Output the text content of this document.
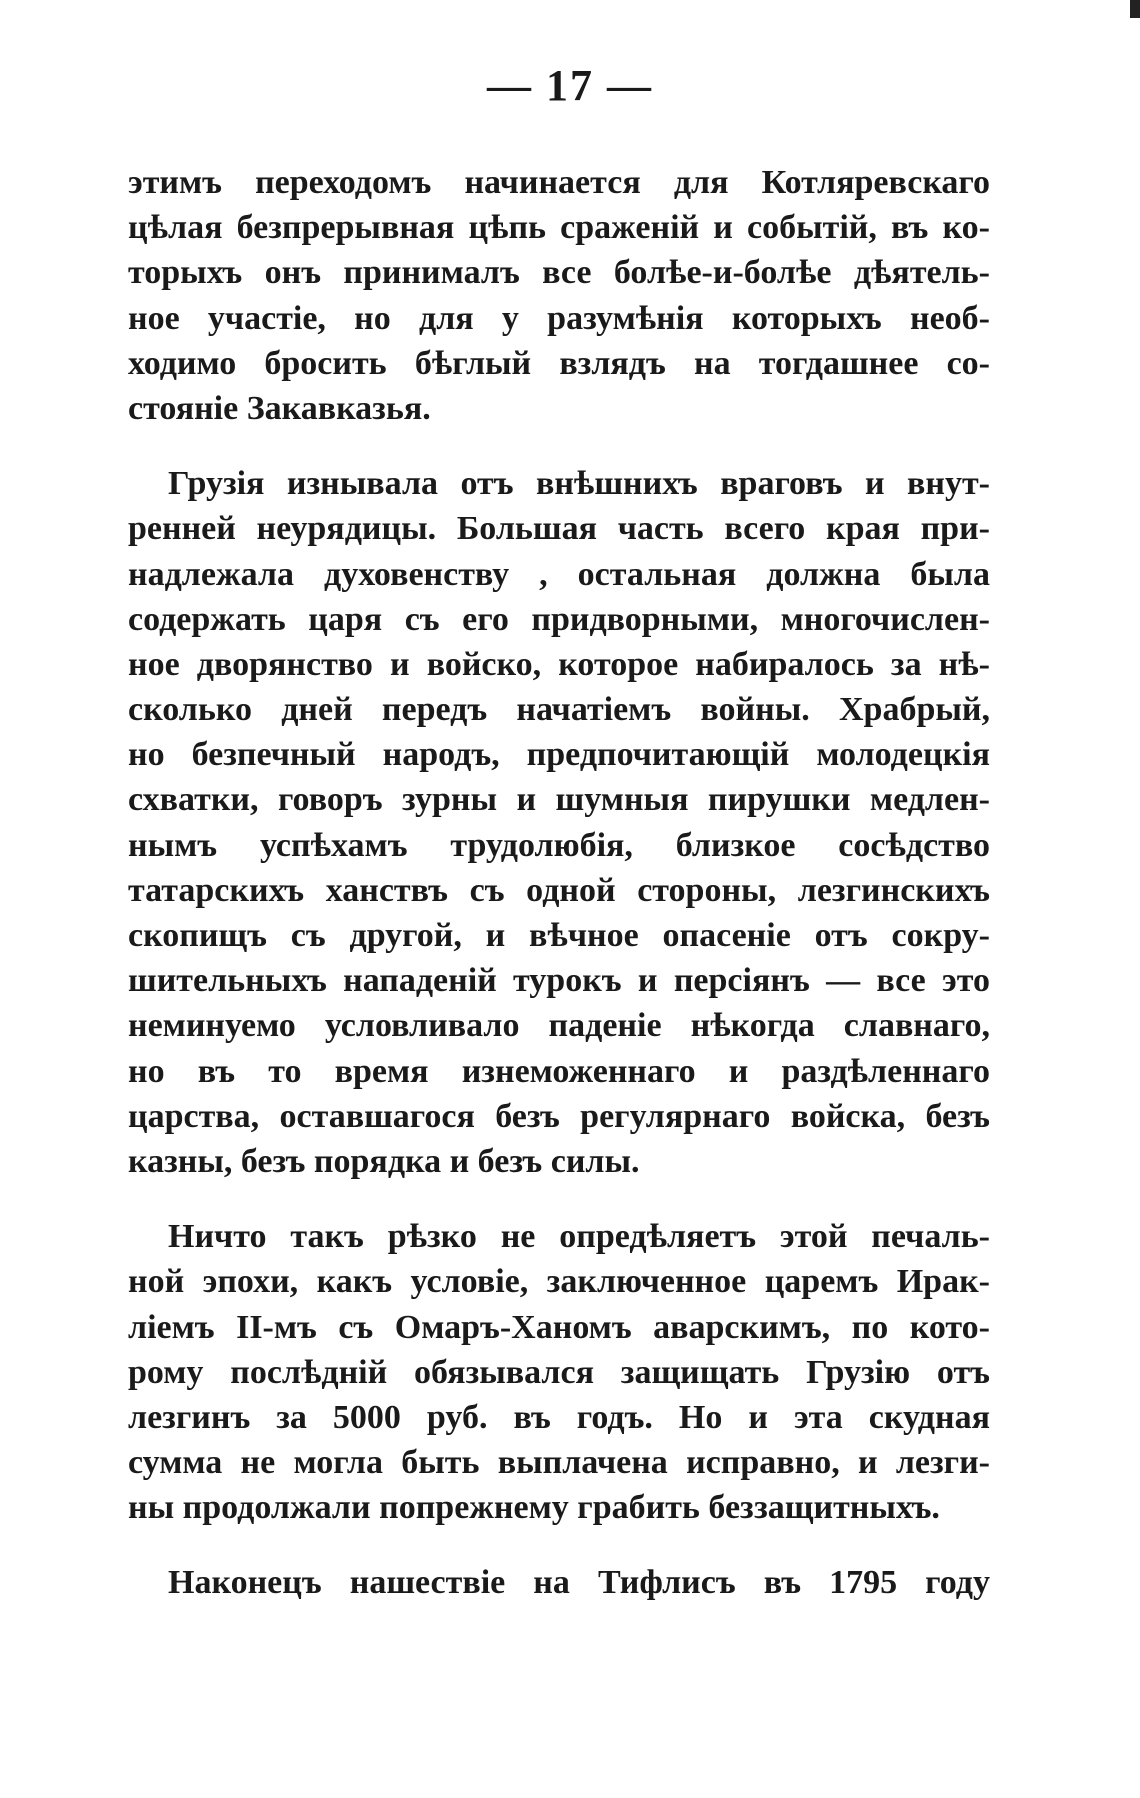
— 17 —
этимъ переходомъ начинается для Котляревскаго
цѣлая безпрерывная цѣпь сраженій и событій, въ ко-
торыхъ онъ принималъ все болѣе-и-болѣе дѣятель-
ное участіе, но для у разумѣнія которыхъ необ-
ходимо бросить бѣглый взлядъ на тогдашнее со-
стояніе Закавказья.
Грузія изнывала отъ внѣшнихъ враговъ и внут-
ренней неурядицы. Большая часть всего края при-
надлежала духовенству , остальная должна была
содержать царя съ его придворными, многочислен-
ное дворянство и войско, которое набиралось за нѣ-
сколько дней передъ начатіемъ войны. Храбрый,
но безпечный народъ, предпочитающій молодецкія
схватки, говоръ зурны и шумныя пирушки медлен-
нымъ успѣхамъ трудолюбія, близкое сосѣдство
татарскихъ ханствъ съ одной стороны, лезгинскихъ
скопищъ съ другой, и вѣчное опасеніе отъ сокру-
шительныхъ нападеній турокъ и персіянъ — все это
неминуемо условливало паденіе нѣкогда славнаго,
но въ то время изнеможеннаго и раздѣленнаго
царства, оставшагося безъ регулярнаго войска, безъ
казны, безъ порядка и безъ силы.
Ничто такъ рѣзко не опредѣляетъ этой печаль-
ной эпохи, какъ условіе, заключенное царемъ Ирак-
ліемъ II-мъ съ Омаръ-Ханомъ аварскимъ, по кото-
рому послѣдній обязывался защищать Грузію отъ
лезгинъ за 5000 руб. въ годъ. Но и эта скудная
сумма не могла быть выплачена исправно, и лезги-
ны продолжали попрежнему грабить беззащитныхъ.
Наконецъ нашествіе на Тифлисъ въ 1795 году
